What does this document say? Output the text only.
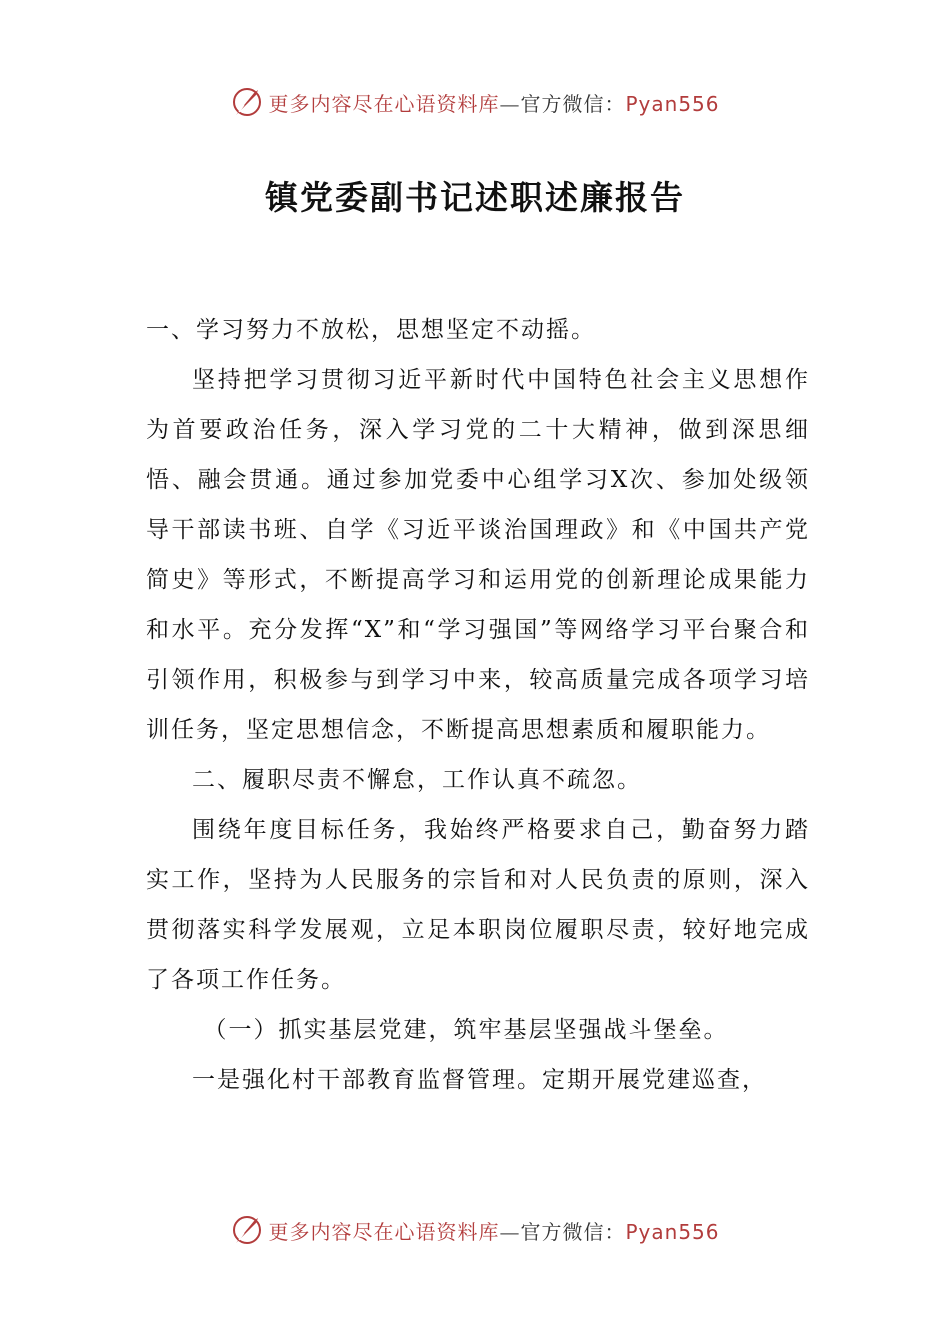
更多内容尽在心语资料库—官方微信：Pyan556
镇党委副书记述职述廉报告

一、学习努力不放松，思想坚定不动摇。

坚持把学习贯彻习近平新时代中国特色社会主义思想作为首要政治任务，深入学习党的二十大精神，做到深思细悟、融会贯通。通过参加党委中心组学习X次、参加处级领导干部读书班、自学《习近平谈治国理政》和《中国共产党简史》等形式，不断提高学习和运用党的创新理论成果能力和水平。充分发挥“X”和“学习强国”等网络学习平台聚合和引领作用，积极参与到学习中来，较高质量完成各项学习培训任务，坚定思想信念，不断提高思想素质和履职能力。

二、履职尽责不懈怠，工作认真不疏忽。

围绕年度目标任务，我始终严格要求自己，勤奋努力踏实工作，坚持为人民服务的宗旨和对人民负责的原则，深入贯彻落实科学发展观，立足本职岗位履职尽责，较好地完成了各项工作任务。

（一）抓实基层党建，筑牢基层坚强战斗堡垒。

一是强化村干部教育监督管理。定期开展党建巡查，

更多内容尽在心语资料库—官方微信：Pyan556
